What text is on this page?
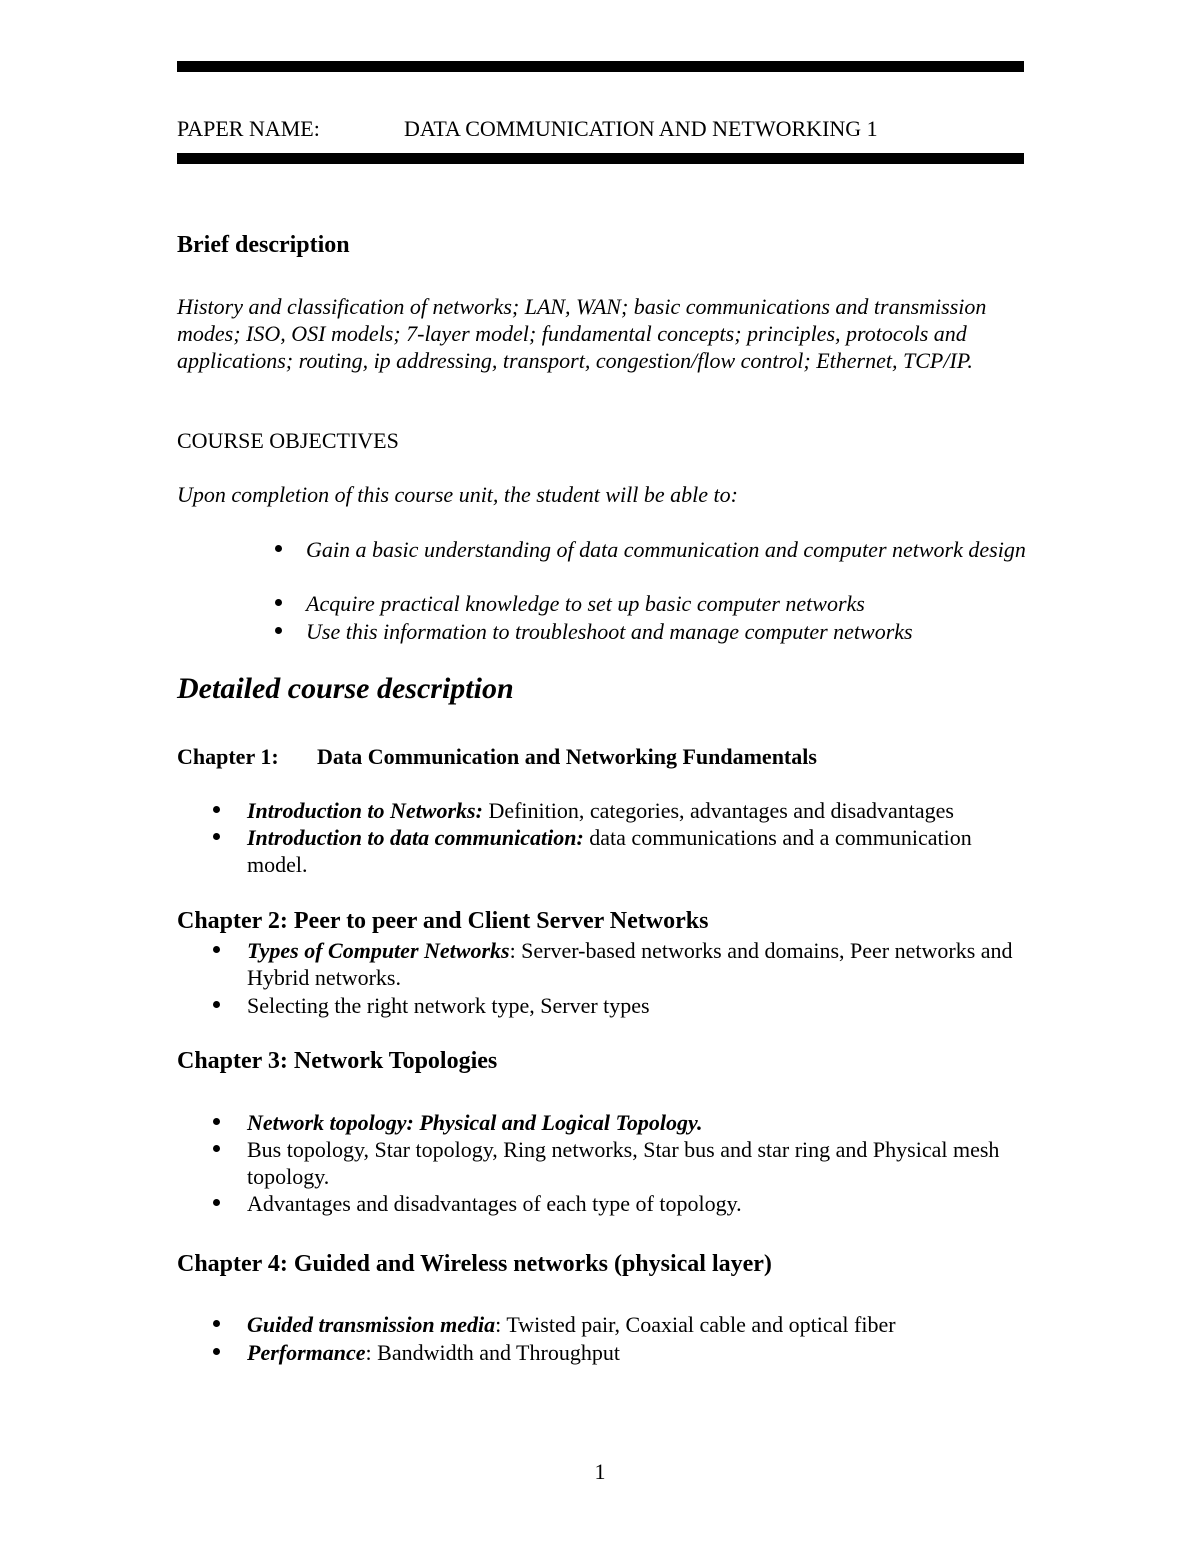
PAPER NAME:	DATA COMMUNICATION AND NETWORKING 1
Brief description
History and classification of networks; LAN, WAN; basic communications and transmission modes; ISO, OSI models; 7-layer model; fundamental concepts; principles, protocols and applications; routing, ip addressing, transport, congestion/flow control; Ethernet, TCP/IP.
COURSE OBJECTIVES
Upon completion of this course unit, the student will be able to:
Gain a basic understanding of data communication and computer network design
Acquire practical knowledge to set up basic computer networks
Use this information to troubleshoot and manage computer networks
Detailed course description
Chapter 1: Data Communication and Networking Fundamentals
Introduction to Networks: Definition, categories, advantages and disadvantages
Introduction to data communication: data communications and a communication model.
Chapter 2: Peer to peer and Client Server Networks
Types of Computer Networks: Server-based networks and domains, Peer networks and Hybrid networks.
Selecting the right network type, Server types
Chapter 3: Network Topologies
Network topology: Physical and Logical Topology.
Bus topology, Star topology, Ring networks, Star bus and star ring and Physical mesh topology.
Advantages and disadvantages of each type of topology.
Chapter 4: Guided and Wireless networks (physical layer)
Guided transmission media: Twisted pair, Coaxial cable and optical fiber
Performance: Bandwidth and Throughput
1
